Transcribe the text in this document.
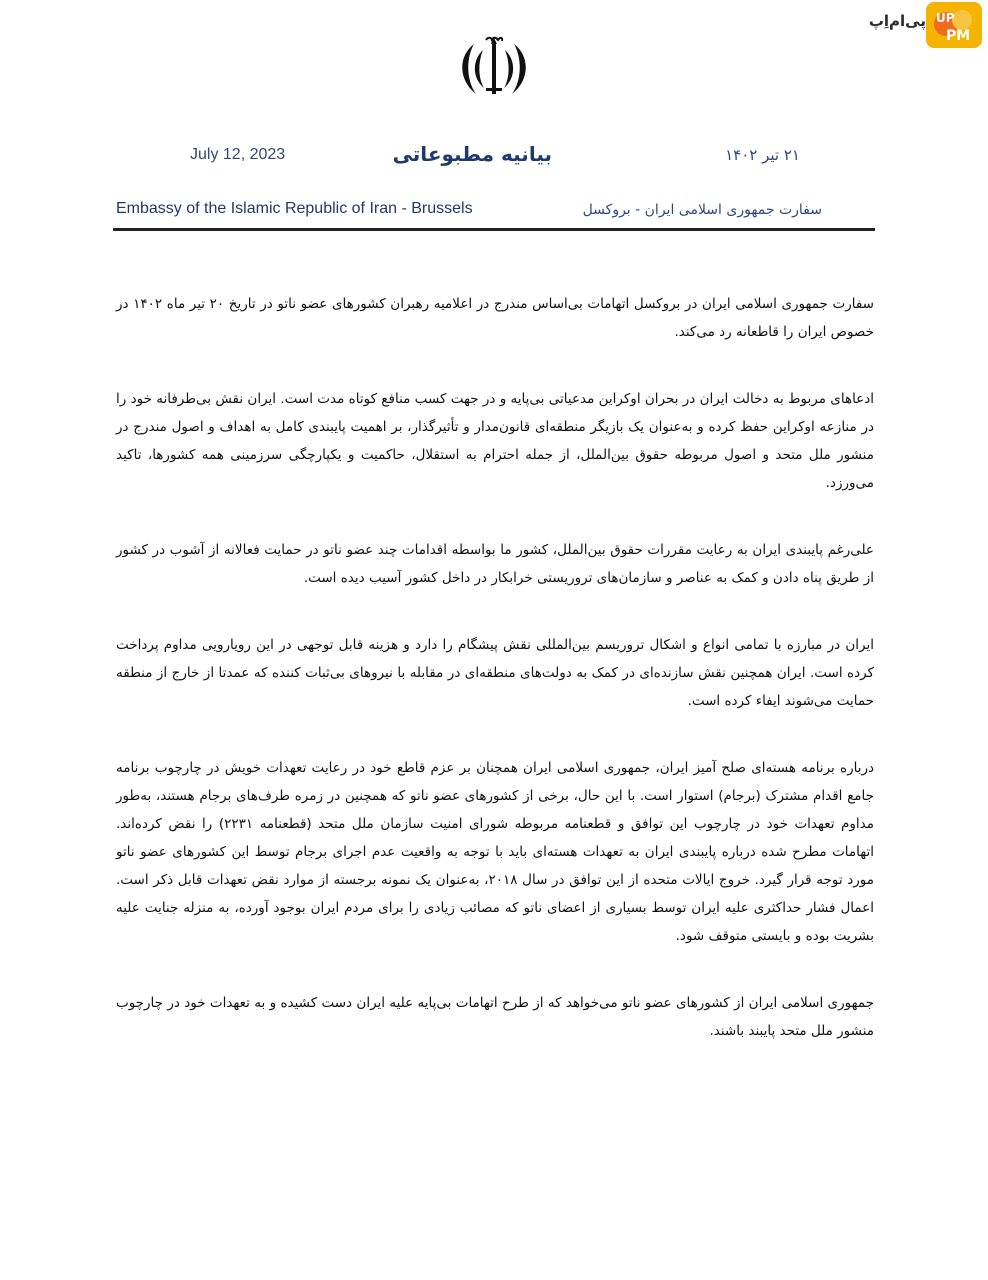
پی‌ام‌اِپ UP
PM
July 12, 2023	بیانیه مطبوعاتی	۲۱ تیر ۱۴۰۲
Embassy of the Islamic Republic of Iran - Brussels	سفارت جمهوری اسلامی ایران - بروکسل

سفارت جمهوری اسلامی ایران در بروکسل اتهامات بی‌اساس مندرج در اعلامیه رهبران کشورهای عضو ناتو در تاریخ ۲۰ تیر ماه ۱۴۰۲ در خصوص ایران را قاطعانه رد می‌کند.

ادعاهای مربوط به دخالت ایران در بحران اوکراین مدعیاتی بی‌پایه و در جهت کسب منافع کوتاه مدت است. ایران نقش بی‌طرفانه خود را در منازعه اوکراین حفظ کرده و به‌عنوان یک بازیگر منطقه‌ای قانون‌مدار و تأثیرگذار، بر اهمیت پایبندی کامل به اهداف و اصول مندرج در منشور ملل متحد و اصول مربوطه حقوق بین‌الملل، از جمله احترام به استقلال، حاکمیت و یکپارچگی سرزمینی همه کشورها، تاکید می‌ورزد.

علی‌رغم پایبندی ایران به رعایت مقررات حقوق بین‌الملل، کشور ما بواسطه اقدامات چند عضو ناتو در حمایت فعالانه از آشوب در کشور از طریق پناه دادن و کمک به عناصر و سازمان‌های تروریستی خرابکار در داخل کشور آسیب دیده است.

ایران در مبارزه با تمامی انواع و اشکال تروریسم بین‌المللی نقش پیشگام را دارد و هزینه قابل توجهی در این رویارویی مداوم پرداخت کرده است. ایران همچنین نقش سازنده‌ای در کمک به دولت‌های منطقه‌ای در مقابله با نیروهای بی‌ثبات کننده که عمدتا از خارج از منطقه حمایت می‌شوند ایفاء کرده است.

درباره برنامه هسته‌ای صلح آمیز ایران، جمهوری اسلامی ایران همچنان بر عزم قاطع خود در رعایت تعهدات خویش در چارچوب برنامه جامع اقدام مشترک (برجام) استوار است. با این حال، برخی از کشورهای عضو ناتو که همچنین در زمره طرف‌های برجام هستند، به‌طور مداوم تعهدات خود در چارچوب این توافق و قطعنامه مربوطه شورای امنیت سازمان ملل متحد (قطعنامه ۲۲۳۱) را نقض کرده‌اند. اتهامات مطرح شده درباره پایبندی ایران به تعهدات هسته‌ای باید با توجه به واقعیت عدم اجرای برجام توسط این کشورهای عضو ناتو مورد توجه قرار گیرد. خروج ایالات متحده از این توافق در سال ۲۰۱۸، به‌عنوان یک نمونه برجسته از موارد نقض تعهدات قابل ذکر است. اعمال فشار حداکثری علیه ایران توسط بسیاری از اعضای ناتو که مصائب زیادی را برای مردم ایران بوجود آورده، به منزله جنایت علیه بشریت بوده و بایستی متوقف شود.

جمهوری اسلامی ایران از کشورهای عضو ناتو می‌خواهد که از طرح اتهامات بی‌پایه علیه ایران دست کشیده و به تعهدات خود در چارچوب منشور ملل متحد پایبند باشند.
